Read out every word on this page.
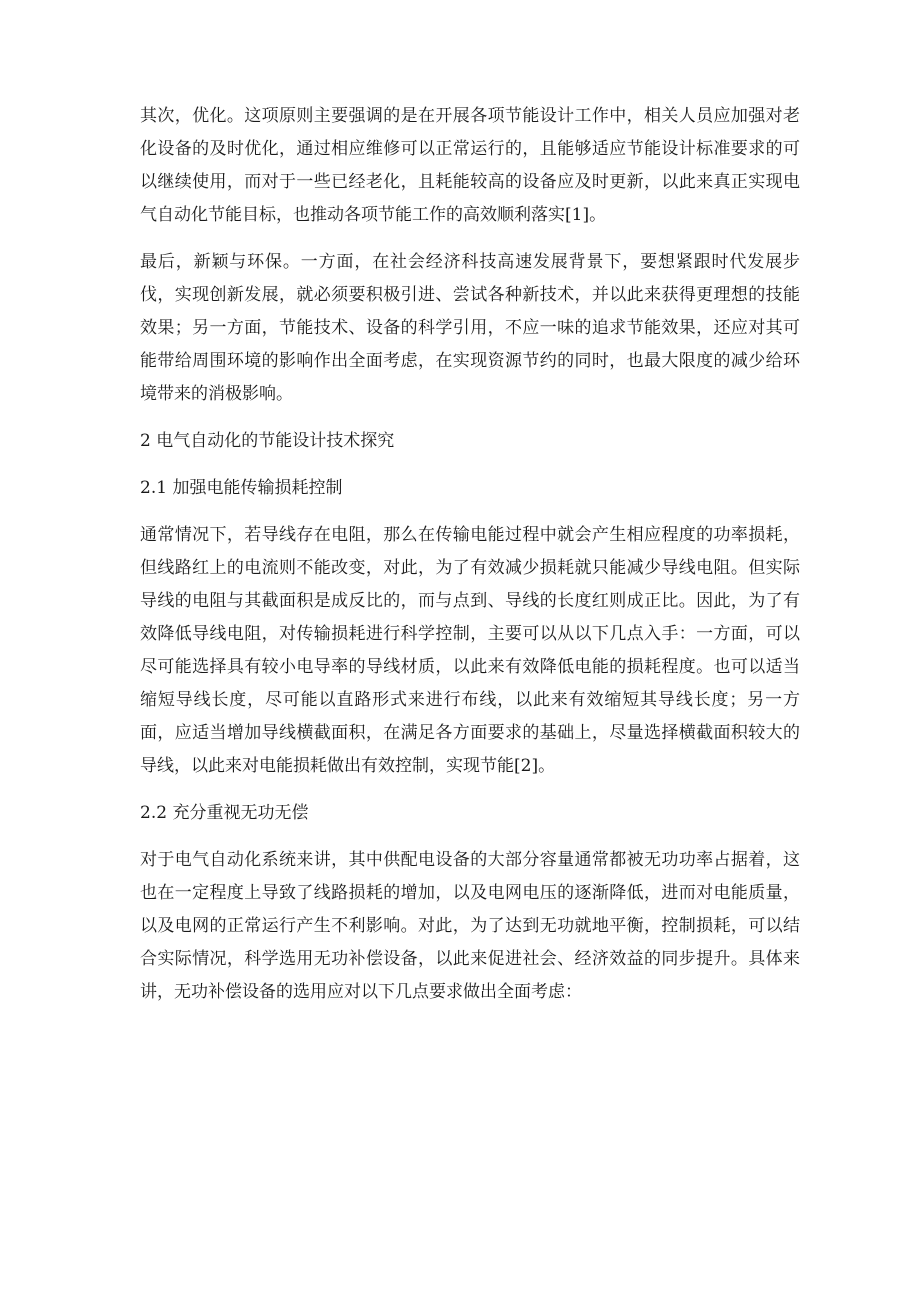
其次，优化。这项原则主要强调的是在开展各项节能设计工作中，相关人员应加强对老化设备的及时优化，通过相应维修可以正常运行的，且能够适应节能设计标准要求的可以继续使用，而对于一些已经老化，且耗能较高的设备应及时更新，以此来真正实现电气自动化节能目标，也推动各项节能工作的高效顺利落实[1]。

最后，新颖与环保。一方面，在社会经济科技高速发展背景下，要想紧跟时代发展步伐，实现创新发展，就必须要积极引进、尝试各种新技术，并以此来获得更理想的技能效果；另一方面，节能技术、设备的科学引用，不应一味的追求节能效果，还应对其可能带给周围环境的影响作出全面考虑，在实现资源节约的同时，也最大限度的减少给环境带来的消极影响。

2 电气自动化的节能设计技术探究
2.1 加强电能传输损耗控制

通常情况下，若导线存在电阻，那么在传输电能过程中就会产生相应程度的功率损耗，但线路红上的电流则不能改变，对此，为了有效减少损耗就只能减少导线电阻。但实际导线的电阻与其截面积是成反比的，而与点到、导线的长度红则成正比。因此，为了有效降低导线电阻，对传输损耗进行科学控制，主要可以从以下几点入手：一方面，可以尽可能选择具有较小电导率的导线材质，以此来有效降低电能的损耗程度。也可以适当缩短导线长度，尽可能以直路形式来进行布线，以此来有效缩短其导线长度；另一方面，应适当增加导线横截面积，在满足各方面要求的基础上，尽量选择横截面积较大的导线，以此来对电能损耗做出有效控制，实现节能[2]。

2.2 充分重视无功无偿

对于电气自动化系统来讲，其中供配电设备的大部分容量通常都被无功功率占据着，这也在一定程度上导致了线路损耗的增加，以及电网电压的逐渐降低，进而对电能质量，以及电网的正常运行产生不利影响。对此，为了达到无功就地平衡，控制损耗，可以结合实际情况，科学选用无功补偿设备，以此来促进社会、经济效益的同步提升。具体来讲，无功补偿设备的选用应对以下几点要求做出全面考虑：
